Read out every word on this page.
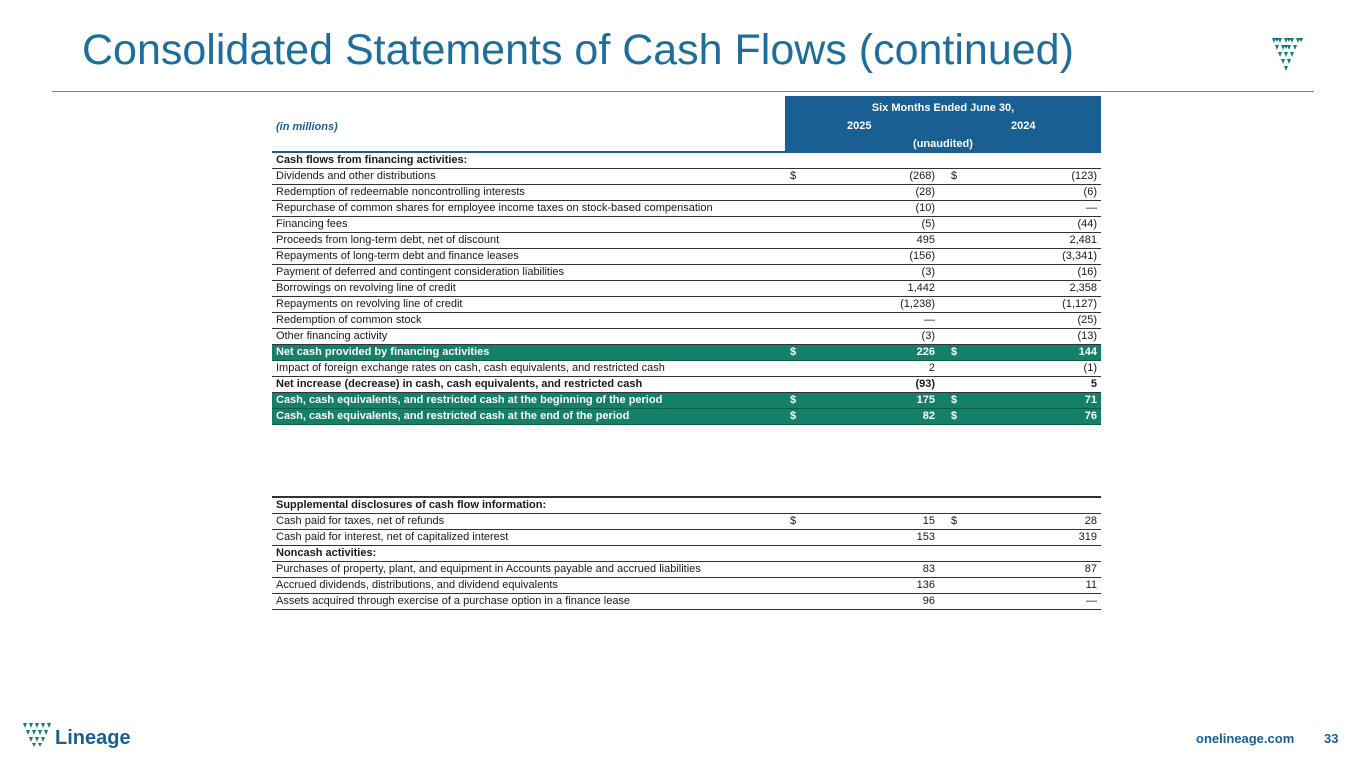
Consolidated Statements of Cash Flows (continued)
(in millions)
Six Months Ended June 30,
2025	2024
(unaudited)
Cash flows from financing activities:
Dividends and other distributions	$	(268) $	(123)
Redemption of redeemable noncontrolling interests	(28)	(6)
Repurchase of common shares for employee income taxes on stock-based compensation	(10)	—
Financing fees	(5)	(44)
Proceeds from long-term debt, net of discount	495	2,481
Repayments of long-term debt and finance leases	(156)	(3,341)
Payment of deferred and contingent consideration liabilities	(3)	(16)
Borrowings on revolving line of credit	1,442	2,358
Repayments on revolving line of credit	(1,238)	(1,127)
Redemption of common stock	—	(25)
Other financing activity	(3)	(13)
Net cash provided by financing activities	$	226 $	144
Impact of foreign exchange rates on cash, cash equivalents, and restricted cash	2	(1)
Net increase (decrease) in cash, cash equivalents, and restricted cash	(93)	5
Cash, cash equivalents, and restricted cash at the beginning of the period	$	175 $	71
Cash, cash equivalents, and restricted cash at the end of the period	$	82 $	76
Supplemental disclosures of cash flow information:
Cash paid for taxes, net of refunds	$	15 $	28
Cash paid for interest, net of capitalized interest	153	319
Noncash activities:
Purchases of property, plant, and equipment in Accounts payable and accrued liabilities	83	87
Accrued dividends, distributions, and dividend equivalents	136	11
Assets acquired through exercise of a purchase option in a finance lease	96	—
Lineage	onelineage.com 33
